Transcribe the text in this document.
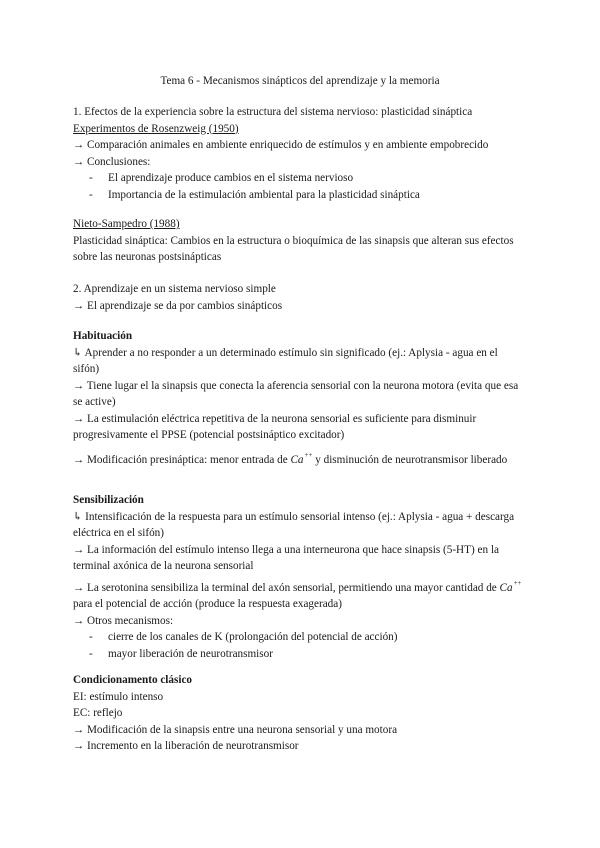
Tema 6 - Mecanismos sinápticos del aprendizaje y la memoria

1. Efectos de la experiencia sobre la estructura del sistema nervioso: plasticidad sináptica

Experimentos de Rosenzweig (1950)

→ Comparación animales en ambiente enriquecido de estímulos y en ambiente empobrecido

→ Conclusiones:

- El aprendizaje produce cambios en el sistema nervioso

- Importancia de la estimulación ambiental para la plasticidad sináptica

Nieto-Sampedro (1988)

Plasticidad sináptica: Cambios en la estructura o bioquímica de las sinapsis que alteran sus efectos sobre las neuronas postsinápticas

2. Aprendizaje en un sistema nervioso simple

→ El aprendizaje se da por cambios sinápticos

Habituación

↳ Aprender a no responder a un determinado estímulo sin significado (ej.: Aplysia - agua en el sifón)

→ Tiene lugar el la sinapsis que conecta la aferencia sensorial con la neurona motora (evita que esa se active)

→ La estimulación eléctrica repetitiva de la neurona sensorial es suficiente para disminuir progresivamente el PPSE (potencial postsináptico excitador)

→ Modificación presináptica: menor entrada de Ca++ y disminución de neurotransmisor liberado

Sensibilización

↳ Intensificación de la respuesta para un estímulo sensorial intenso (ej.: Aplysia - agua + descarga eléctrica en el sifón)

→ La información del estímulo intenso llega a una interneurona que hace sinapsis (5-HT) en la terminal axónica de la neurona sensorial

→ La serotonina sensibiliza la terminal del axón sensorial, permitiendo una mayor cantidad de Ca++ para el potencial de acción (produce la respuesta exagerada)

→ Otros mecanismos:

- cierre de los canales de K (prolongación del potencial de acción)

- mayor liberación de neurotransmisor

Condicionamento clásico

EI: estímulo intenso

EC: reflejo

→ Modificación de la sinapsis entre una neurona sensorial y una motora

→ Incremento en la liberación de neurotransmisor
